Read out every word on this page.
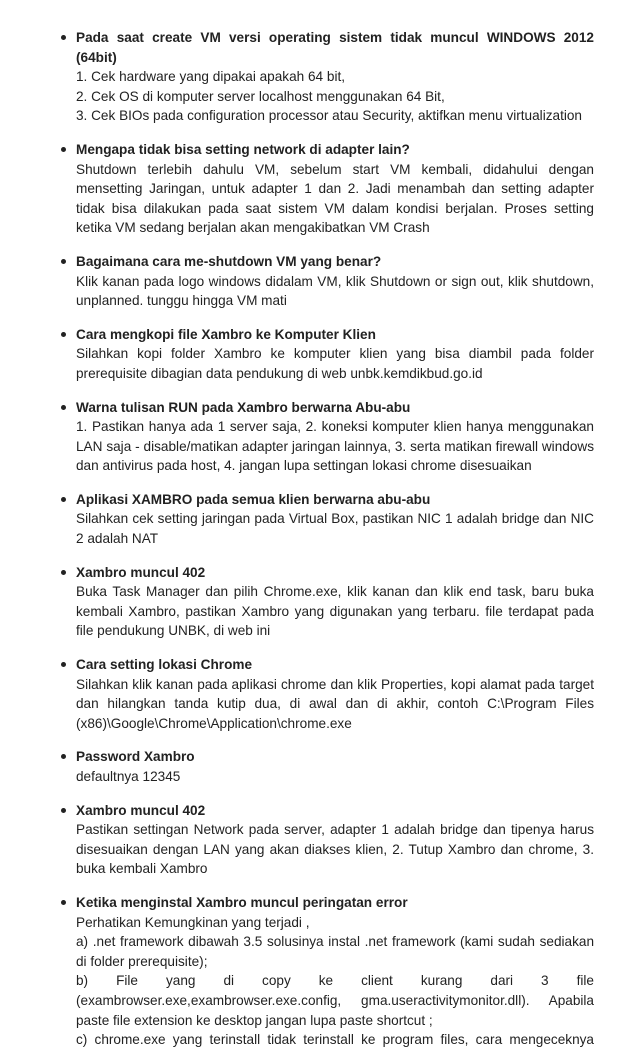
Pada saat create VM versi operating sistem tidak muncul WINDOWS 2012 (64bit)
1. Cek hardware yang dipakai apakah 64 bit,
2. Cek OS di komputer server localhost menggunakan 64 Bit,
3. Cek BIOs pada configuration processor atau Security, aktifkan menu virtualization
Mengapa tidak bisa setting network di adapter lain?
Shutdown terlebih dahulu VM, sebelum start VM kembali, didahului dengan mensetting Jaringan, untuk adapter 1 dan 2. Jadi menambah dan setting adapter tidak bisa dilakukan pada saat sistem VM dalam kondisi berjalan. Proses setting ketika VM sedang berjalan akan mengakibatkan VM Crash
Bagaimana cara me-shutdown VM yang benar?
Klik kanan pada logo windows didalam VM, klik Shutdown or sign out, klik shutdown, unplanned. tunggu hingga VM mati
Cara mengkopi file Xambro ke Komputer Klien
Silahkan kopi folder Xambro ke komputer klien yang bisa diambil pada folder prerequisite dibagian data pendukung di web unbk.kemdikbud.go.id
Warna tulisan RUN pada Xambro berwarna Abu-abu
1. Pastikan hanya ada 1 server saja, 2. koneksi komputer klien hanya menggunakan LAN saja - disable/matikan adapter jaringan lainnya, 3. serta matikan firewall windows dan antivirus pada host, 4. jangan lupa settingan lokasi chrome disesuaikan
Aplikasi XAMBRO pada semua klien berwarna abu-abu
Silahkan cek setting jaringan pada Virtual Box, pastikan NIC 1 adalah bridge dan NIC 2 adalah NAT
Xambro muncul 402
Buka Task Manager dan pilih Chrome.exe, klik kanan dan klik end task, baru buka kembali Xambro, pastikan Xambro yang digunakan yang terbaru. file terdapat pada file pendukung UNBK, di web ini
Cara setting lokasi Chrome
Silahkan klik kanan pada aplikasi chrome dan klik Properties, kopi alamat pada target dan hilangkan tanda kutip dua, di awal dan di akhir, contoh C:\Program Files (x86)\Google\Chrome\Application\chrome.exe
Password Xambro
defaultnya 12345
Xambro muncul 402
Pastikan settingan Network pada server, adapter 1 adalah bridge dan tipenya harus disesuaikan dengan LAN yang akan diakses klien, 2. Tutup Xambro dan chrome, 3. buka kembali Xambro
Ketika menginstal Xambro muncul peringatan error
Perhatikan Kemungkinan yang terjadi ,
a) .net framework dibawah 3.5 solusinya instal .net framework (kami sudah sediakan di folder prerequisite);
b) File yang di copy ke client kurang dari 3 file (exambrowser.exe,exambrowser.exe.config, gma.useractivitymonitor.dll). Apabila paste file extension ke desktop jangan lupa paste shortcut ;
c) chrome.exe yang terinstall tidak terinstall ke program files, cara mengeceknya
